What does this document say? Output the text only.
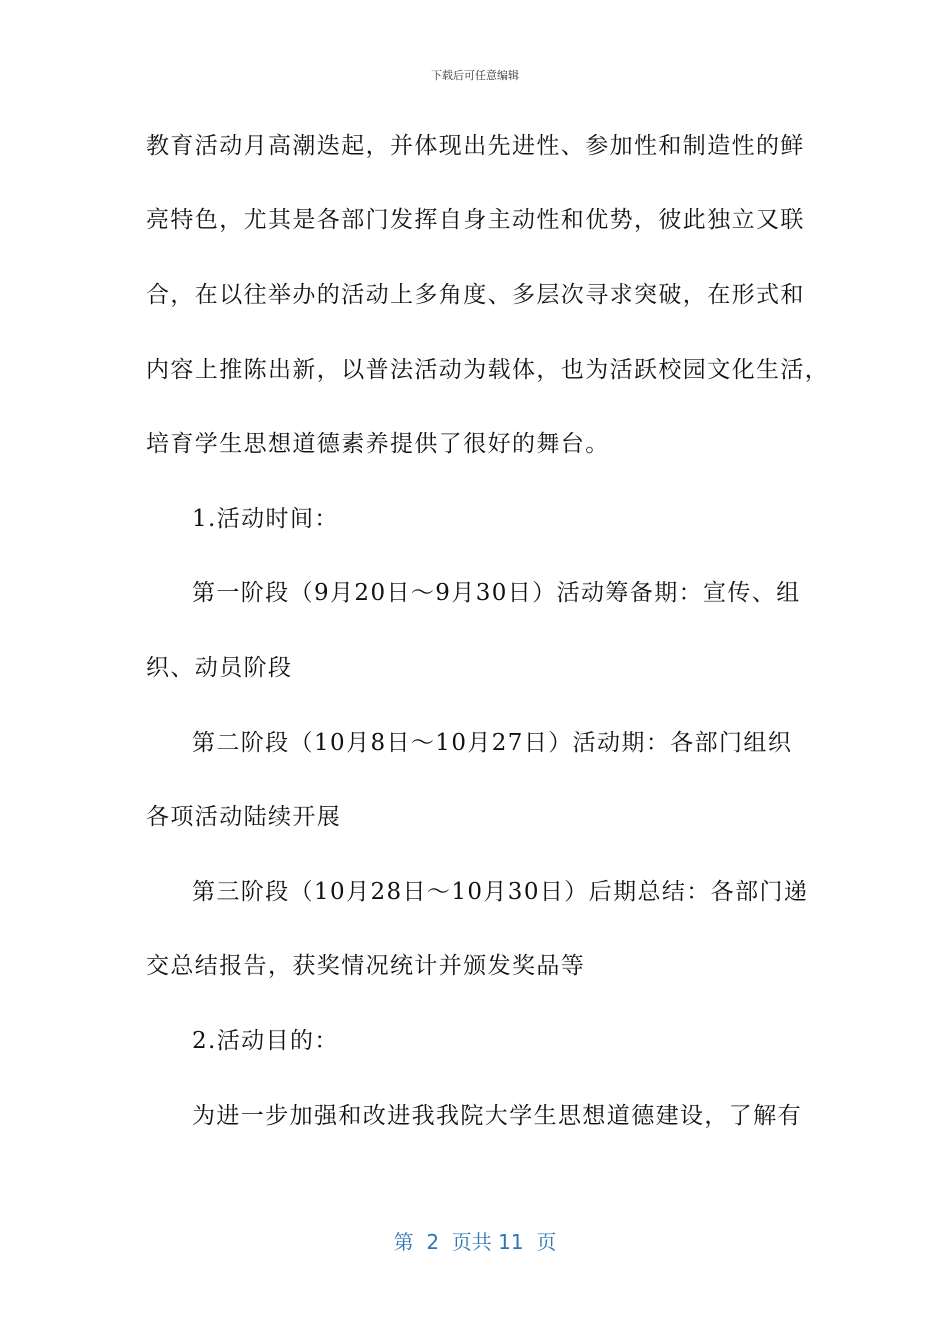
下载后可任意编辑
教育活动月高潮迭起，并体现出先进性、参加性和制造性的鲜
亮特色，尤其是各部门发挥自身主动性和优势，彼此独立又联
合，在以往举办的活动上多角度、多层次寻求突破，在形式和
内容上推陈出新，以普法活动为载体，也为活跃校园文化生活，
培育学生思想道德素养提供了很好的舞台。
1.活动时间：
第一阶段（9月20日～9月30日）活动筹备期：宣传、组
织、动员阶段
第二阶段（10月8日～10月27日）活动期：各部门组织
各项活动陆续开展
第三阶段（10月28日～10月30日）后期总结：各部门递
交总结报告，获奖情况统计并颁发奖品等
2.活动目的：
为进一步加强和改进我我院大学生思想道德建设，了解有
第  2  页共 11  页
